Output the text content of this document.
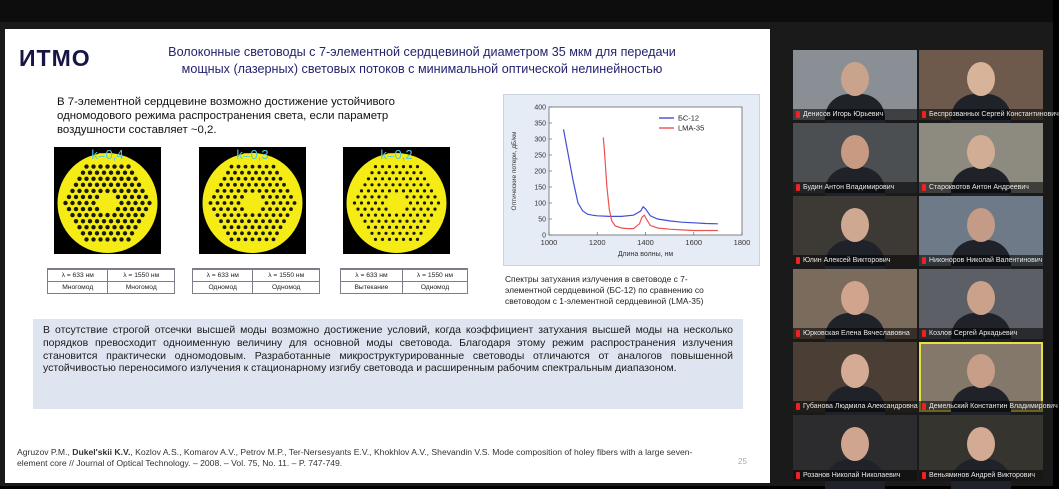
ИТМО	Волоконные световоды с 7-элементной сердцевиной диаметром 35 мкм для передачи
мощных (лазерных) световых потоков с минимальной оптической нелинейностью
В 7-элементной сердцевине возможно достижение устойчивого
одномодового режима распространения света, если параметр
воздушности составляет ~0,2.
k=0,4	k=0,3	k=0,2
λ = 633 нм	λ = 1550 нм
Многомод	Многомод
λ = 633 нм	λ = 1550 нм
Одномод	Одномод
λ = 633 нм	λ = 1550 нм
Вытекание	Одномод
1000	1200	1400	1600	1800
0
50
100
150
200
250
300
350
400
Длина волны, нм
Оптические потери, дБ/км
БС-12
LMA-35
Спектры затухания излучения в световоде с 7-
элементной сердцевиной (БС-12) по сравнению со
световодом с 1-элементной сердцевиной (LMA-35)
В отсутствие строгой отсечки высшей моды возможно достижение условий, когда коэффициент затухания высшей моды на несколько порядков превосходит одноименную величину для основной моды световода. Благодаря этому режим распространения излучения становится практически одномодовым. Разработанные микроструктурированные световоды отличаются от аналогов повышенной устойчивостью переносимого излучения к стационарному изгибу световода и расширенным рабочим спектральным диапазоном.
Agruzov P.M., Dukel'skii K.V., Kozlov A.S., Komarov A.V., Petrov M.P., Ter-Nersesyants E.V., Khokhlov A.V., Shevandin V.S. Mode composition of holey fibers with a large seven-element core // Journal of Optical Technology. – 2008. – Vol. 75, No. 11. – P. 747-749.	25
Денисов Игорь Юрьевич	Беспрозванных Сергей Константинович
Будин Антон Владимирович	Староквотов Антон Андреевич
Юлин Алексей Викторович	Никоноров Николай Валентинович
Юрковская Елена Вячеславовна	Козлов Сергей Аркадьевич
Губанова Людмила Александровна	Демельский Константин Владимирович
Розанов Николай Николаевич	Веньяминов Андрей Викторович
